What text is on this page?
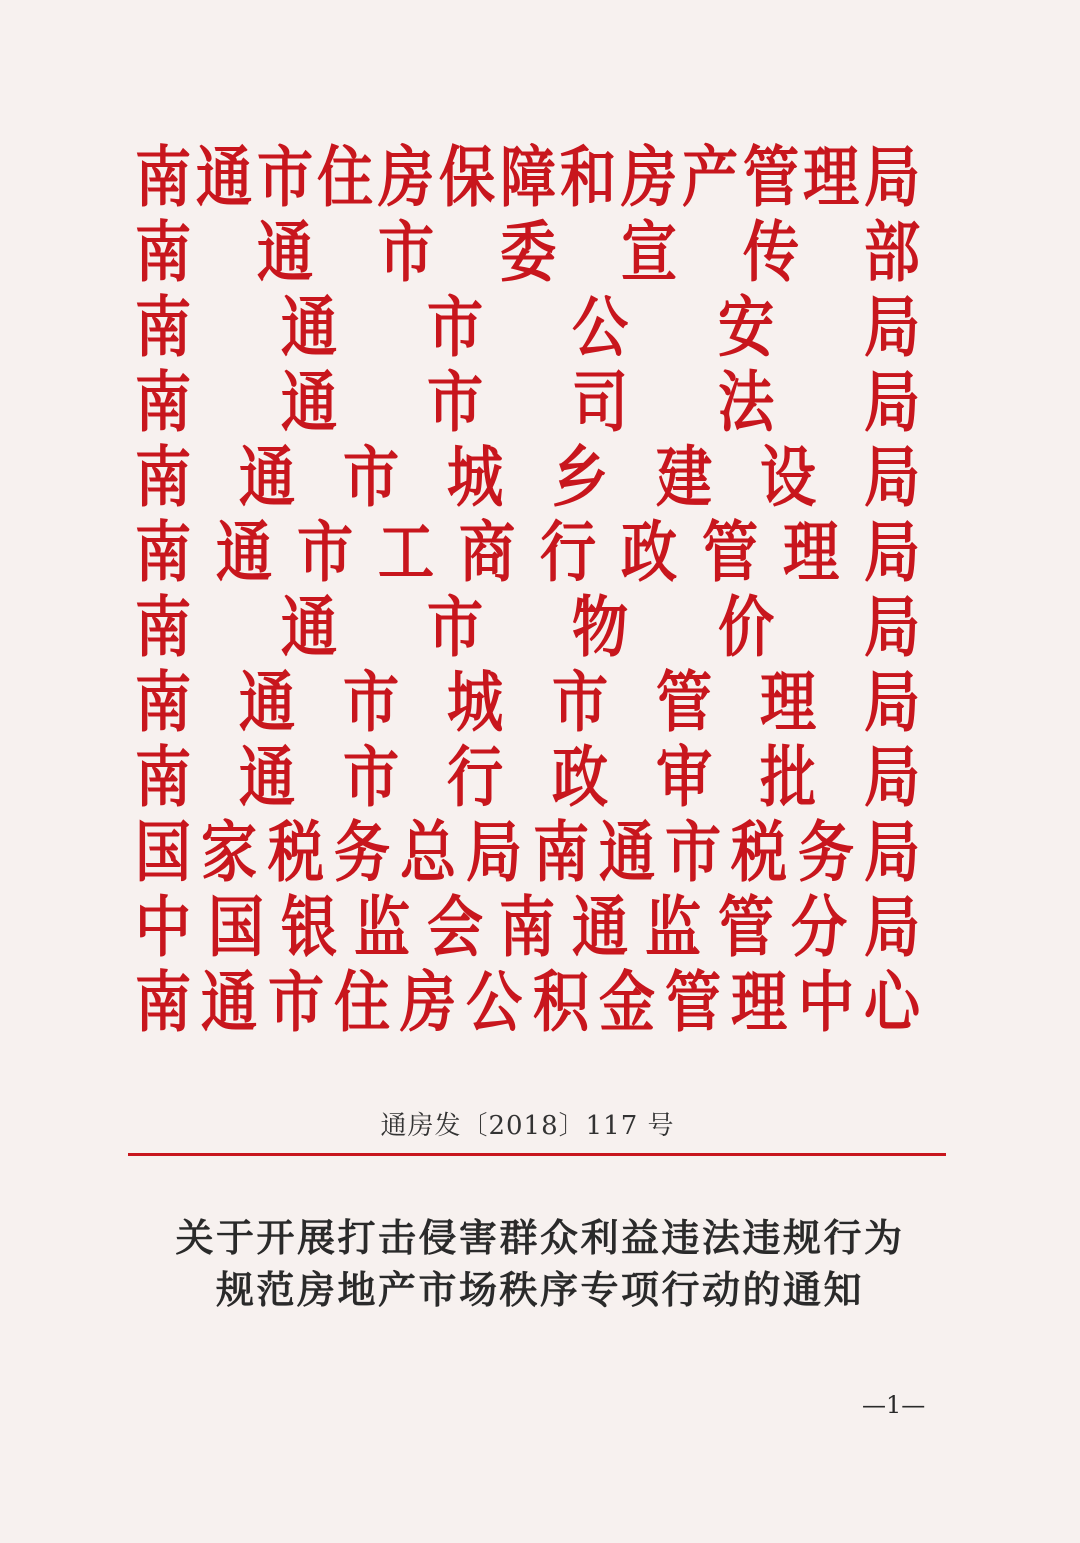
南 通 市 住 房 保 障 和 房 产 管 理 局
南 通 市 委 宣 传 部
南 通 市 公 安 局
南 通 市 司 法 局
南 通 市 城 乡 建 设 局
南 通 市 工 商 行 政 管 理 局
南 通 市 物 价 局
南 通 市 城 市 管 理 局
南 通 市 行 政 审 批 局
国 家 税 务 总 局 南 通 市 税 务 局
中 国 银 监 会 南 通 监 管 分 局
南 通 市 住 房 公 积 金 管 理 中 心
通房发〔2018〕117 号
关于开展打击侵害群众利益违法违规行为
规范房地产市场秩序专项行动的通知
—1—
